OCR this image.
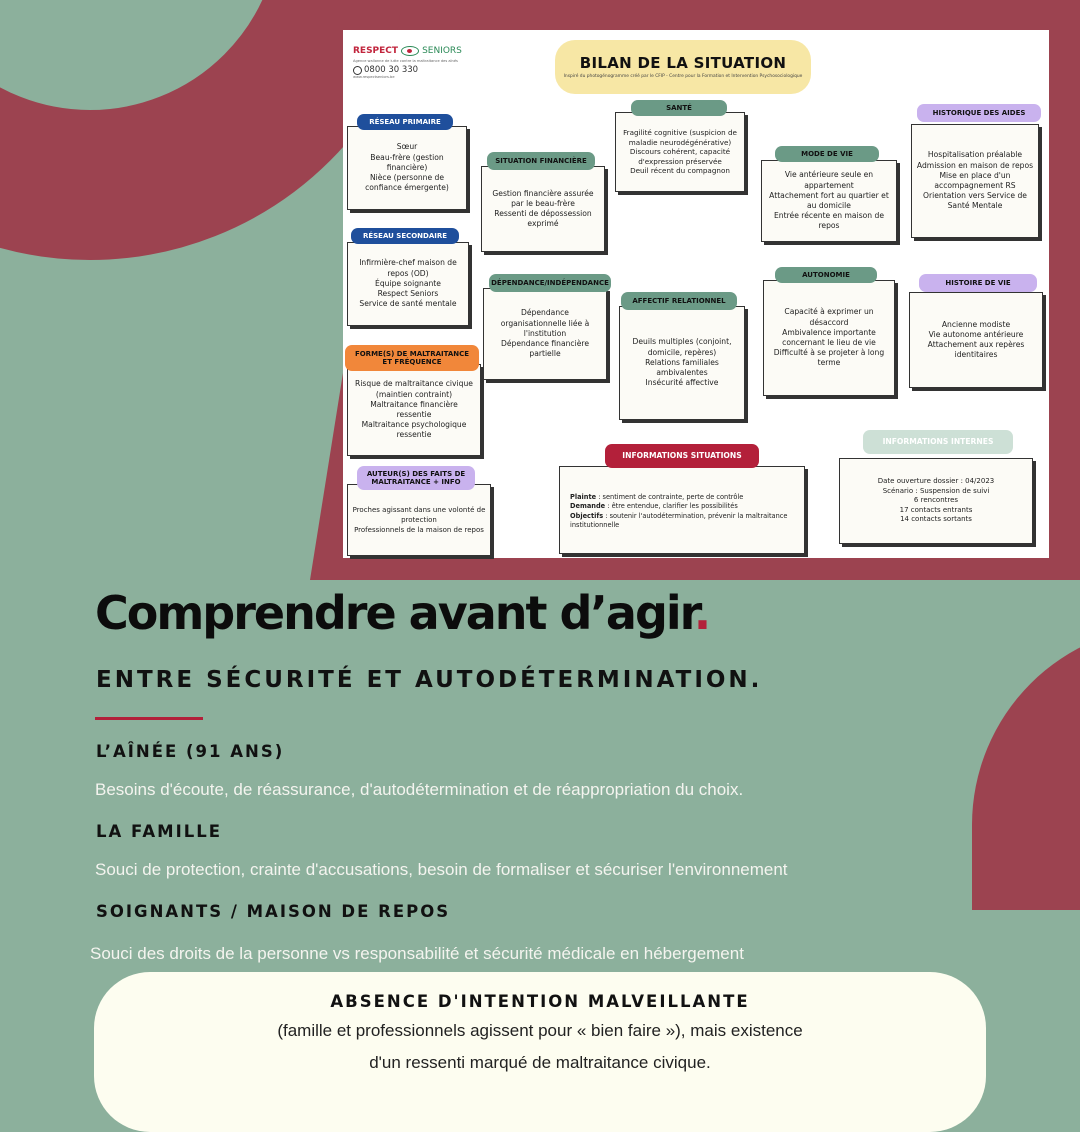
RESPECT	SENIORS
Agence wallonne de lutte contre la maltraitance des aînés
0800 30 330
www.respectseniors.be
BILAN DE LA SITUATION
Inspiré du photogénogramme créé par le CFIP - Centre pour la Formation et Intervention Psychosociologique
RÉSEAU PRIMAIRE
Sœur
Beau-frère (gestion financière)
Nièce (personne de confiance émergente)
RÉSEAU SECONDAIRE
Infirmière-chef maison de repos (OD)
Équipe soignante
Respect Seniors
Service de santé mentale
FORME(S) DE MALTRAITANCE ET FRÉQUENCE
Risque de maltraitance civique (maintien contraint)
Maltraitance financière ressentie
Maltraitance psychologique ressentie
AUTEUR(S) DES FAITS DE MALTRAITANCE + INFO
Proches agissant dans une volonté de protection
Professionnels de la maison de repos
SITUATION FINANCIÈRE
Gestion financière assurée par le beau-frère
Ressenti de dépossession exprimé
DÉPENDANCE/INDÉPENDANCE
Dépendance organisationnelle liée à l'institution
Dépendance financière partielle
SANTÉ
Fragilité cognitive (suspicion de maladie neurodégénérative)
Discours cohérent, capacité d'expression préservée
Deuil récent du compagnon
AFFECTIF RELATIONNEL
Deuils multiples (conjoint, domicile, repères)
Relations familiales ambivalentes
Insécurité affective
MODE DE VIE
Vie antérieure seule en appartement
Attachement fort au quartier et au domicile
Entrée récente en maison de repos
AUTONOMIE
Capacité à exprimer un désaccord
Ambivalence importante concernant le lieu de vie
Difficulté à se projeter à long terme
HISTORIQUE DES AIDES
Hospitalisation préalable
Admission en maison de repos
Mise en place d'un accompagnement RS
Orientation vers Service de Santé Mentale
HISTOIRE DE VIE
Ancienne modiste
Vie autonome antérieure
Attachement aux repères identitaires
INFORMATIONS SITUATIONS
Plainte : sentiment de contrainte, perte de contrôle
Demande : être entendue, clarifier les possibilités
Objectifs : soutenir l'autodétermination, prévenir la maltraitance institutionnelle
INFORMATIONS INTERNES
Date ouverture dossier : 04/2023
Scénario : Suspension de suivi
6 rencontres
17 contacts entrants
14 contacts sortants
Comprendre avant d’agir.
ENTRE SÉCURITÉ ET AUTODÉTERMINATION.
L’AÎNÉE (91 ANS)
Besoins d'écoute, de réassurance, d'autodétermination et de réappropriation du choix.
LA FAMILLE
Souci de protection, crainte d'accusations, besoin de formaliser et sécuriser l'environnement
SOIGNANTS / MAISON DE REPOS
Souci des droits de la personne vs responsabilité et sécurité médicale en hébergement
ABSENCE D'INTENTION MALVEILLANTE
(famille et professionnels agissent pour « bien faire »), mais existence
d'un ressenti marqué de maltraitance civique.
